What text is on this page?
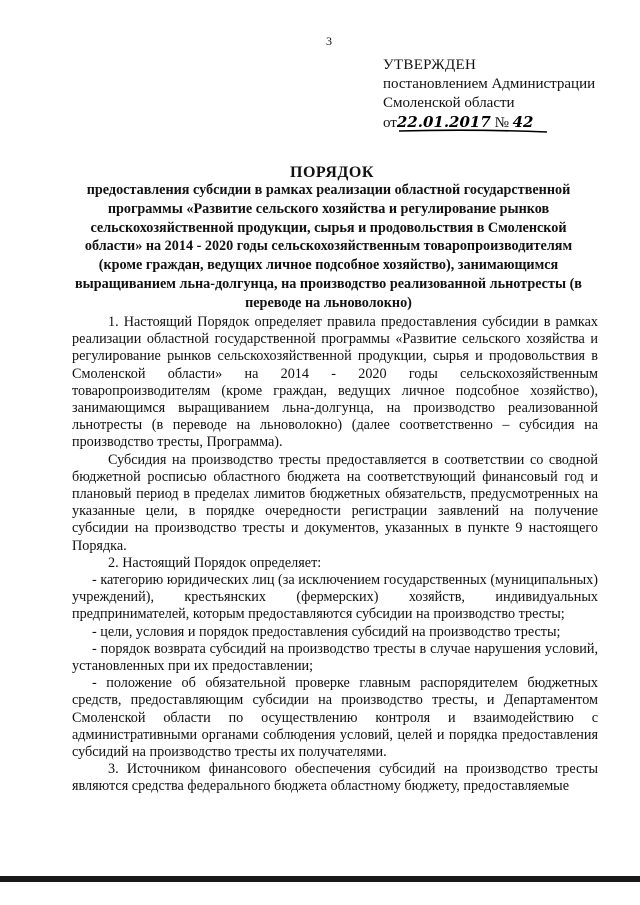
3
УТВЕРЖДЕН
постановлением Администрации
Смоленской области
от22.01.2017 № 42
ПОРЯДОК
предоставления субсидии в рамках реализации областной государственной программы «Развитие сельского хозяйства и регулирование рынков сельскохозяйственной продукции, сырья и продовольствия в Смоленской области» на 2014 - 2020 годы сельскохозяйственным товаропроизводителям (кроме граждан, ведущих личное подсобное хозяйство), занимающимся выращиванием льна-долгунца, на производство реализованной льнотресты (в переводе на льноволокно)

1. Настоящий Порядок определяет правила предоставления субсидии в рамках реализации областной государственной программы «Развитие сельского хозяйства и регулирование рынков сельскохозяйственной продукции, сырья и продовольствия в Смоленской области» на 2014 - 2020 годы сельскохозяйственным товаропроизводителям (кроме граждан, ведущих личное подсобное хозяйство), занимающимся выращиванием льна-долгунца, на производство реализованной льнотресты (в переводе на льноволокно) (далее соответственно – субсидия на производство тресты, Программа).

Субсидия на производство тресты предоставляется в соответствии со сводной бюджетной росписью областного бюджета на соответствующий финансовый год и плановый период в пределах лимитов бюджетных обязательств, предусмотренных на указанные цели, в порядке очередности регистрации заявлений на получение субсидии на производство тресты и документов, указанных в пункте 9 настоящего Порядка.

2. Настоящий Порядок определяет:

- категорию юридических лиц (за исключением государственных (муниципальных) учреждений), крестьянских (фермерских) хозяйств, индивидуальных предпринимателей, которым предоставляются субсидии на производство тресты;

- цели, условия и порядок предоставления субсидий на производство тресты;

- порядок возврата субсидий на производство тресты в случае нарушения условий, установленных при их предоставлении;

- положение об обязательной проверке главным распорядителем бюджетных средств, предоставляющим субсидии на производство тресты, и Департаментом Смоленской области по осуществлению контроля и взаимодействию с административными органами соблюдения условий, целей и порядка предоставления субсидий на производство тресты их получателями.

3. Источником финансового обеспечения субсидий на производство тресты являются средства федерального бюджета областному бюджету, предоставляемые
